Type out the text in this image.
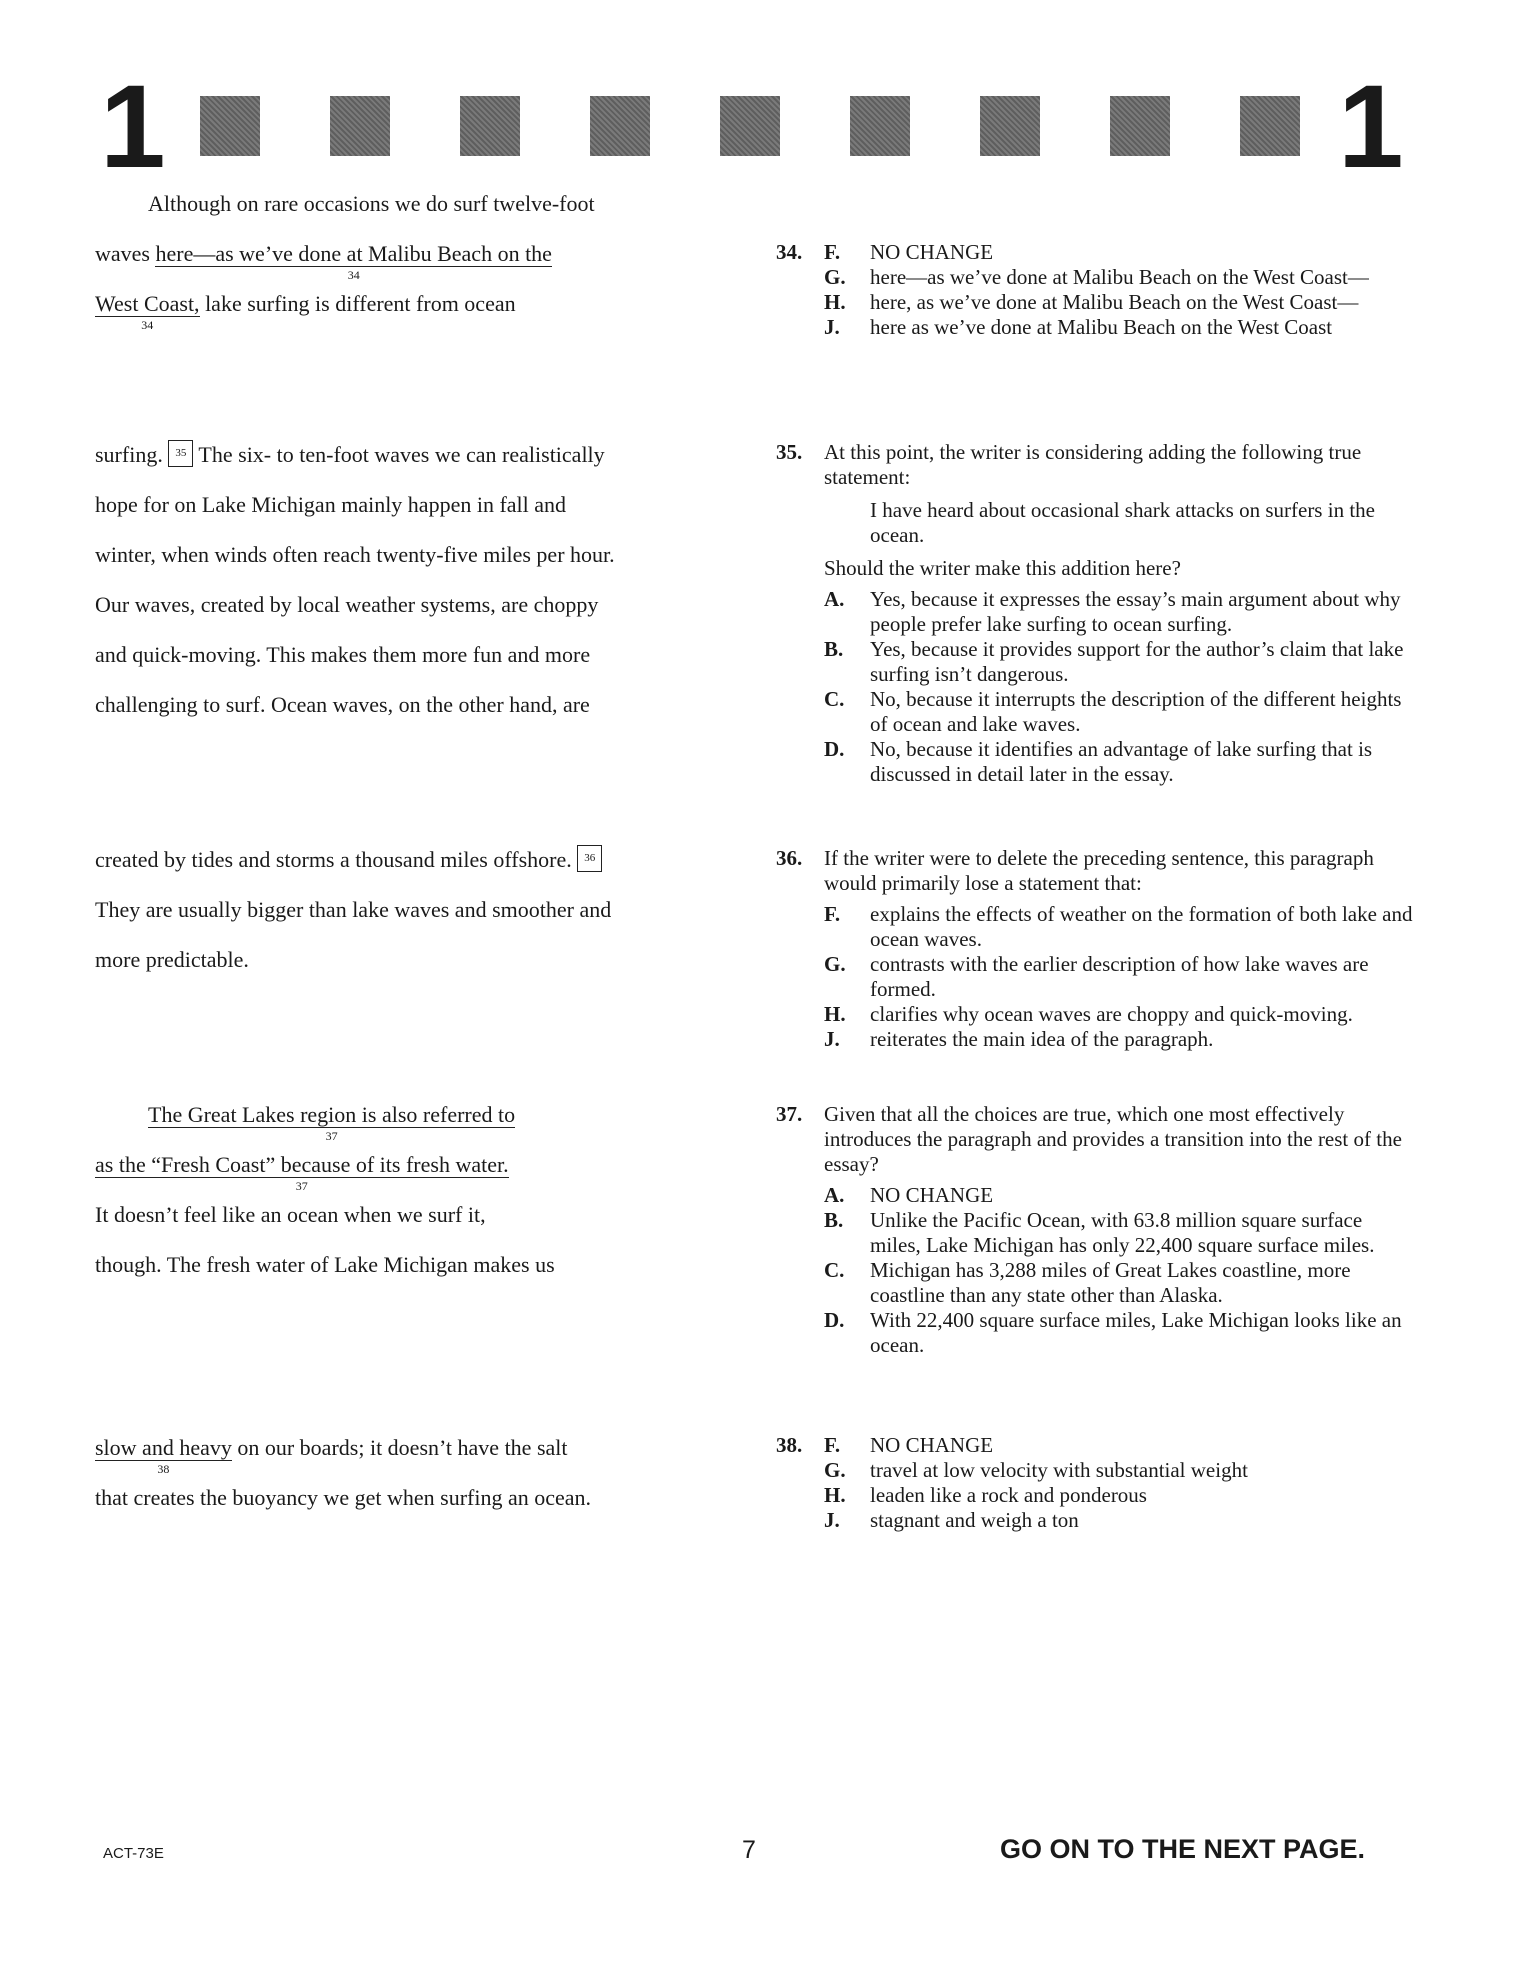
1	1
Although on rare occasions we do surf twelve-foot
waves here—as we’ve done at Malibu Beach on the
34
West Coast,
34
lake surfing is different from ocean
surfing. 35 The six- to ten-foot waves we can realistically
hope for on Lake Michigan mainly happen in fall and
winter, when winds often reach twenty-five miles per hour.
Our waves, created by local weather systems, are choppy
and quick-moving. This makes them more fun and more
challenging to surf. Ocean waves, on the other hand, are
created by tides and storms a thousand miles offshore. 36
They are usually bigger than lake waves and smoother and
more predictable.
The Great Lakes region is also referred to
37
as the “Fresh Coast” because of its fresh water.
37
It doesn’t feel like an ocean when we surf it,
though. The fresh water of Lake Michigan makes us
slow and heavy
38
on our boards; it doesn’t have the salt
that creates the buoyancy we get when surfing an ocean.
F. NO CHANGE
34.
G. here—as we’ve done at Malibu Beach on the West Coast—
H. here, as we’ve done at Malibu Beach on the West Coast—
J. here as we’ve done at Malibu Beach on the West Coast
35. At this point, the writer is considering adding the following true statement:
I have heard about occasional shark attacks on surfers in the ocean.
Should the writer make this addition here?
A. Yes, because it expresses the essay’s main argument about why people prefer lake surfing to ocean surfing.
B. Yes, because it provides support for the author’s claim that lake surfing isn’t dangerous.
C. No, because it interrupts the description of the different heights of ocean and lake waves.
D. No, because it identifies an advantage of lake surfing that is discussed in detail later in the essay.
36. If the writer were to delete the preceding sentence, this paragraph would primarily lose a statement that:
F. explains the effects of weather on the formation of both lake and ocean waves.
G. contrasts with the earlier description of how lake waves are formed.
H. clarifies why ocean waves are choppy and quick-moving.
J. reiterates the main idea of the paragraph.
37. Given that all the choices are true, which one most effectively introduces the paragraph and provides a transition into the rest of the essay?
A. NO CHANGE
B. Unlike the Pacific Ocean, with 63.8 million square surface miles, Lake Michigan has only 22,400 square surface miles.
C. Michigan has 3,288 miles of Great Lakes coastline, more coastline than any state other than Alaska.
D. With 22,400 square surface miles, Lake Michigan looks like an ocean.
38. F. NO CHANGE
G. travel at low velocity with substantial weight
H. leaden like a rock and ponderous
J. stagnant and weigh a ton
ACT-73E	7	GO ON TO THE NEXT PAGE.
